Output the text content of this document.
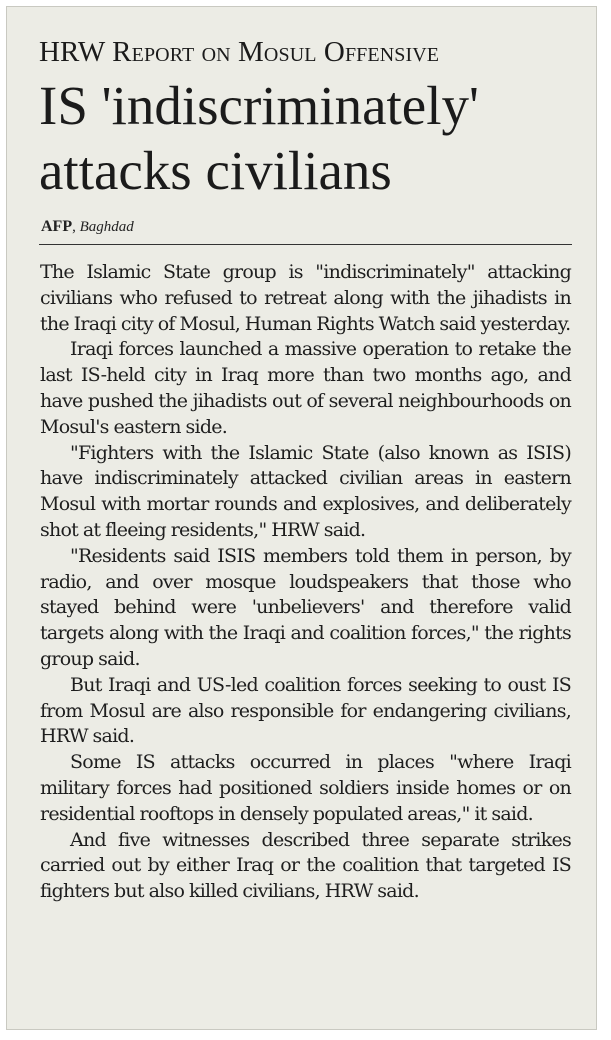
HRW Report on Mosul Offensive
IS 'indiscriminately' attacks civilians
AFP, Baghdad

The Islamic State group is "indiscriminately" attacking civilians who refused to retreat along with the jihadists in the Iraqi city of Mosul, Human Rights Watch said yesterday.

Iraqi forces launched a massive operation to retake the last IS-held city in Iraq more than two months ago, and have pushed the jihadists out of several neighbourhoods on Mosul's eastern side.

"Fighters with the Islamic State (also known as ISIS) have indiscriminately attacked civilian areas in eastern Mosul with mortar rounds and explosives, and deliberately shot at fleeing residents," HRW said.

"Residents said ISIS members told them in person, by radio, and over mosque loudspeakers that those who stayed behind were 'unbelievers' and therefore valid targets along with the Iraqi and coalition forces," the rights group said.

But Iraqi and US-led coalition forces seeking to oust IS from Mosul are also responsible for endangering civilians, HRW said.

Some IS attacks occurred in places "where Iraqi military forces had positioned soldiers inside homes or on residential rooftops in densely populated areas," it said.

And five witnesses described three separate strikes carried out by either Iraq or the coalition that targeted IS fighters but also killed civilians, HRW said.
